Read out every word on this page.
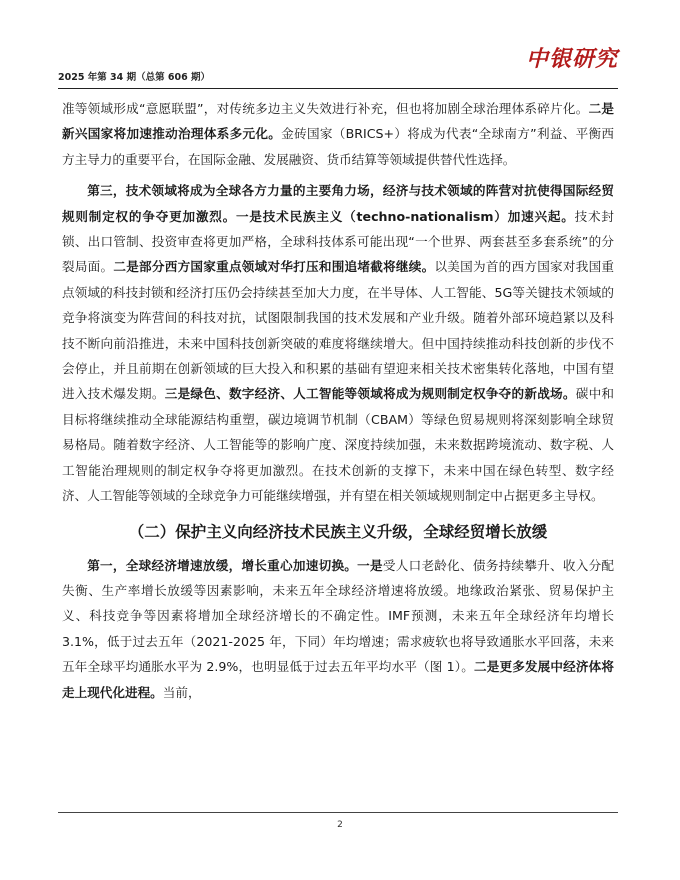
2025 年第 34 期（总第 606 期）
中银研究

准等领域形成“意愿联盟”，对传统多边主义失效进行补充，但也将加剧全球治理体系碎片化。二是新兴国家将加速推动治理体系多元化。金砖国家（BRICS+）将成为代表“全球南方”利益、平衡西方主导力的重要平台，在国际金融、发展融资、货币结算等领域提供替代性选择。

第三，技术领域将成为全球各方力量的主要角力场，经济与技术领域的阵营对抗使得国际经贸规则制定权的争夺更加激烈。一是技术民族主义（techno-nationalism）加速兴起。技术封锁、出口管制、投资审查将更加严格，全球科技体系可能出现“一个世界、两套甚至多套系统”的分裂局面。二是部分西方国家重点领域对华打压和围追堵截将继续。以美国为首的西方国家对我国重点领域的科技封锁和经济打压仍会持续甚至加大力度，在半导体、人工智能、5G等关键技术领域的竞争将演变为阵营间的科技对抗，试图限制我国的技术发展和产业升级。随着外部环境趋紧以及科技不断向前沿推进，未来中国科技创新突破的难度将继续增大。但中国持续推动科技创新的步伐不会停止，并且前期在创新领域的巨大投入和积累的基础有望迎来相关技术密集转化落地，中国有望进入技术爆发期。三是绿色、数字经济、人工智能等领域将成为规则制定权争夺的新战场。碳中和目标将继续推动全球能源结构重塑，碳边境调节机制（CBAM）等绿色贸易规则将深刻影响全球贸易格局。随着数字经济、人工智能等的影响广度、深度持续加强，未来数据跨境流动、数字税、人工智能治理规则的制定权争夺将更加激烈。在技术创新的支撑下，未来中国在绿色转型、数字经济、人工智能等领域的全球竞争力可能继续增强，并有望在相关领域规则制定中占据更多主导权。

（二）保护主义向经济技术民族主义升级，全球经贸增长放缓

第一，全球经济增速放缓，增长重心加速切换。一是受人口老龄化、债务持续攀升、收入分配失衡、生产率增长放缓等因素影响，未来五年全球经济增速将放缓。地缘政治紧张、贸易保护主义、科技竞争等因素将增加全球经济增长的不确定性。IMF预测，未来五年全球经济年均增长 3.1%，低于过去五年（2021-2025 年，下同）年均增速；需求疲软也将导致通胀水平回落，未来五年全球平均通胀水平为 2.9%，也明显低于过去五年平均水平（图 1）。二是更多发展中经济体将走上现代化进程。当前，

2
